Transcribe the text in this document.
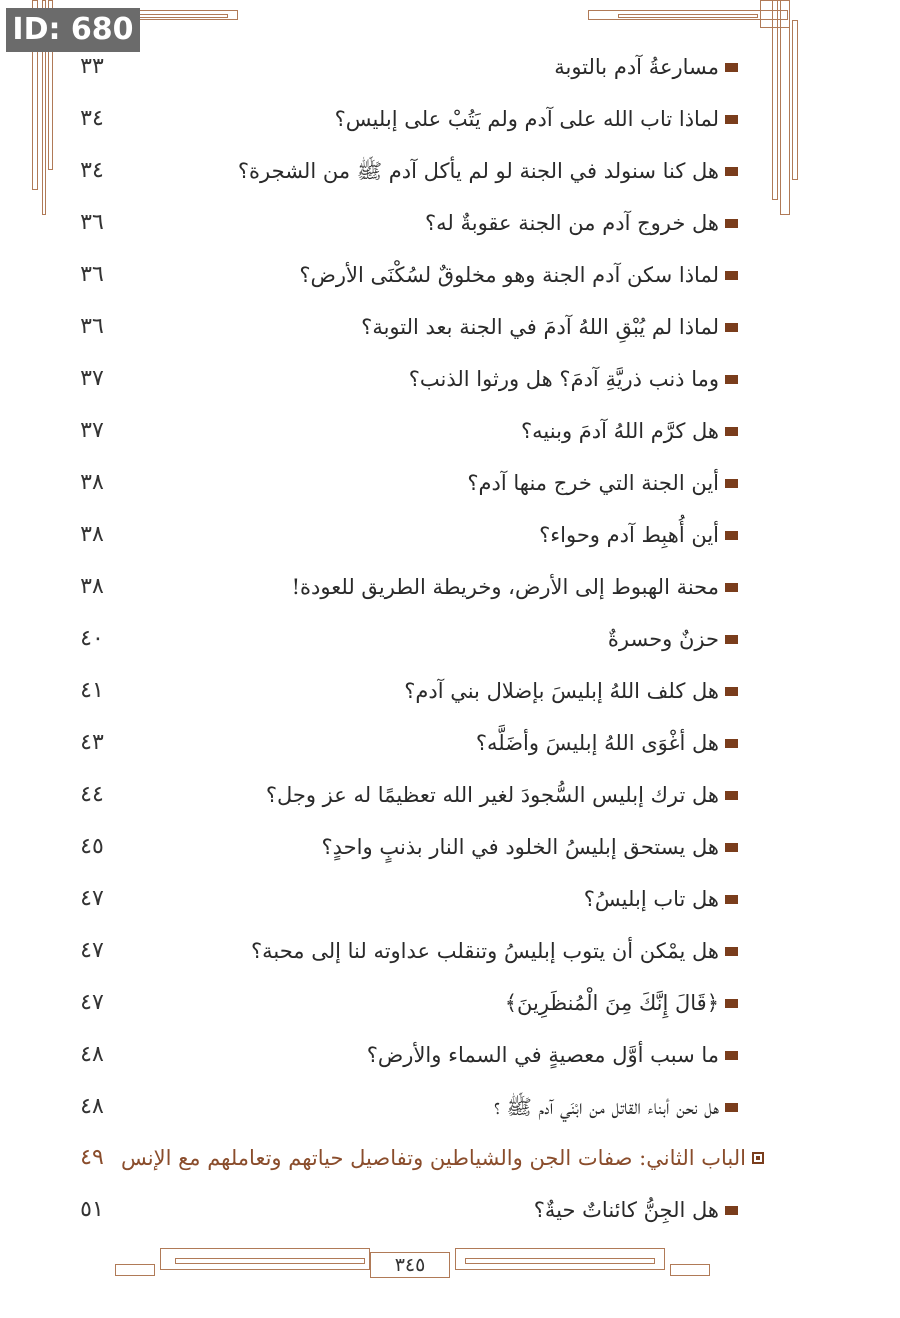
ID: 680
٣٣	مسارعةُ آدم بالتوبة
٣٤	لماذا تاب الله على آدم ولم يَتُبْ على إبليس؟
٣٤	هل كنا سنولد في الجنة لو لم يأكل آدم ﷺ من الشجرة؟
٣٦	هل خروج آدم من الجنة عقوبةٌ له؟
٣٦	لماذا سكن آدم الجنة وهو مخلوقٌ لسُكْنَى الأرض؟
٣٦	لماذا لم يُبْقِ اللهُ آدمَ في الجنة بعد التوبة؟
٣٧	وما ذنب ذريَّةِ آدمَ؟ هل ورثوا الذنب؟
٣٧	هل كرَّم اللهُ آدمَ وبنيه؟
٣٨	أين الجنة التي خرج منها آدم؟
٣٨	أين أُهبِط آدم وحواء؟
٣٨	محنة الهبوط إلى الأرض، وخريطة الطريق للعودة!
٤٠	حزنٌ وحسرةٌ
٤١	هل كلف اللهُ إبليسَ بإضلال بني آدم؟
٤٣	هل أغْوَى اللهُ إبليسَ وأضَلَّه؟
٤٤	هل ترك إبليس السُّجودَ لغير الله تعظيمًا له عز وجل؟
٤٥	هل يستحق إبليسُ الخلود في النار بذنبٍ واحدٍ؟
٤٧	هل تاب إبليسُ؟
٤٧	هل يمْكن أن يتوب إبليسُ وتنقلب عداوته لنا إلى محبة؟
٤٧	﴿قَالَ إِنَّكَ مِنَ الْمُنظَرِينَ﴾
٤٨	ما سبب أوَّل معصيةٍ في السماء والأرض؟
٤٨	هل نحن أبناء القاتل من ابْنَي آدم ﷺ ؟
٤٩ الباب الثاني: صفات الجن والشياطين وتفاصيل حياتهم وتعاملهم مع الإنس
٥١	هل الجِنُّ كائناتٌ حيةٌ؟
٣٤٥
